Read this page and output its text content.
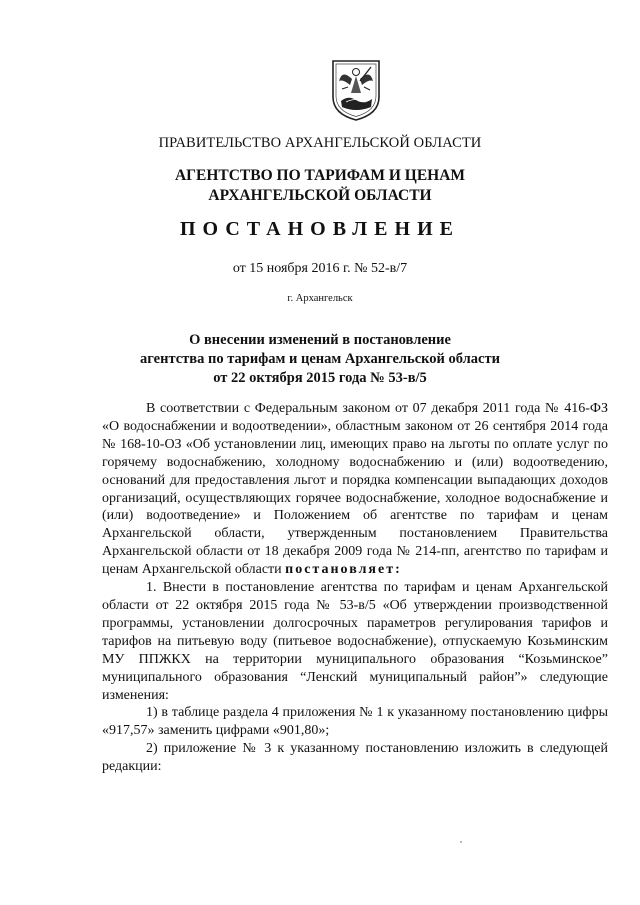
ПРАВИТЕЛЬСТВО АРХАНГЕЛЬСКОЙ ОБЛАСТИ
АГЕНТСТВО ПО ТАРИФАМ И ЦЕНАМ
АРХАНГЕЛЬСКОЙ ОБЛАСТИ
ПОСТАНОВЛЕНИЕ
от 15 ноября 2016 г. № 52-в/7
г. Архангельск
О внесении изменений в постановление
агентства по тарифам и ценам Архангельской области
от 22 октября 2015 года № 53-в/5

В соответствии с Федеральным законом от 07 декабря 2011 года № 416-ФЗ «О водоснабжении и водоотведении», областным законом от 26 сентября 2014 года № 168-10-ОЗ «Об установлении лиц, имеющих право на льготы по оплате услуг по горячему водоснабжению, холодному водоснабжению и (или) водоотведению, оснований для предоставления льгот и порядка компенсации выпадающих доходов организаций, осуществляющих горячее водоснабжение, холодное водоснабжение и (или) водоотведение» и Положением об агентстве по тарифам и ценам Архангельской области, утвержденным постановлением Правительства Архангельской области от 18 декабря 2009 года № 214-пп, агентство по тарифам и ценам Архангельской области постановляет:

1. Внести в постановление агентства по тарифам и ценам Архангельской области от 22 октября 2015 года № 53-в/5 «Об утверждении производственной программы, установлении долгосрочных параметров регулирования тарифов и тарифов на питьевую воду (питьевое водоснабжение), отпускаемую Козьминским МУ ППЖКХ на территории муниципального образования “Козьминское” муниципального образования “Ленский муниципальный район”» следующие изменения:

1) в таблице раздела 4 приложения № 1 к указанному постановлению цифры «917,57» заменить цифрами «901,80»;

2) приложение № 3 к указанному постановлению изложить в следующей редакции:
